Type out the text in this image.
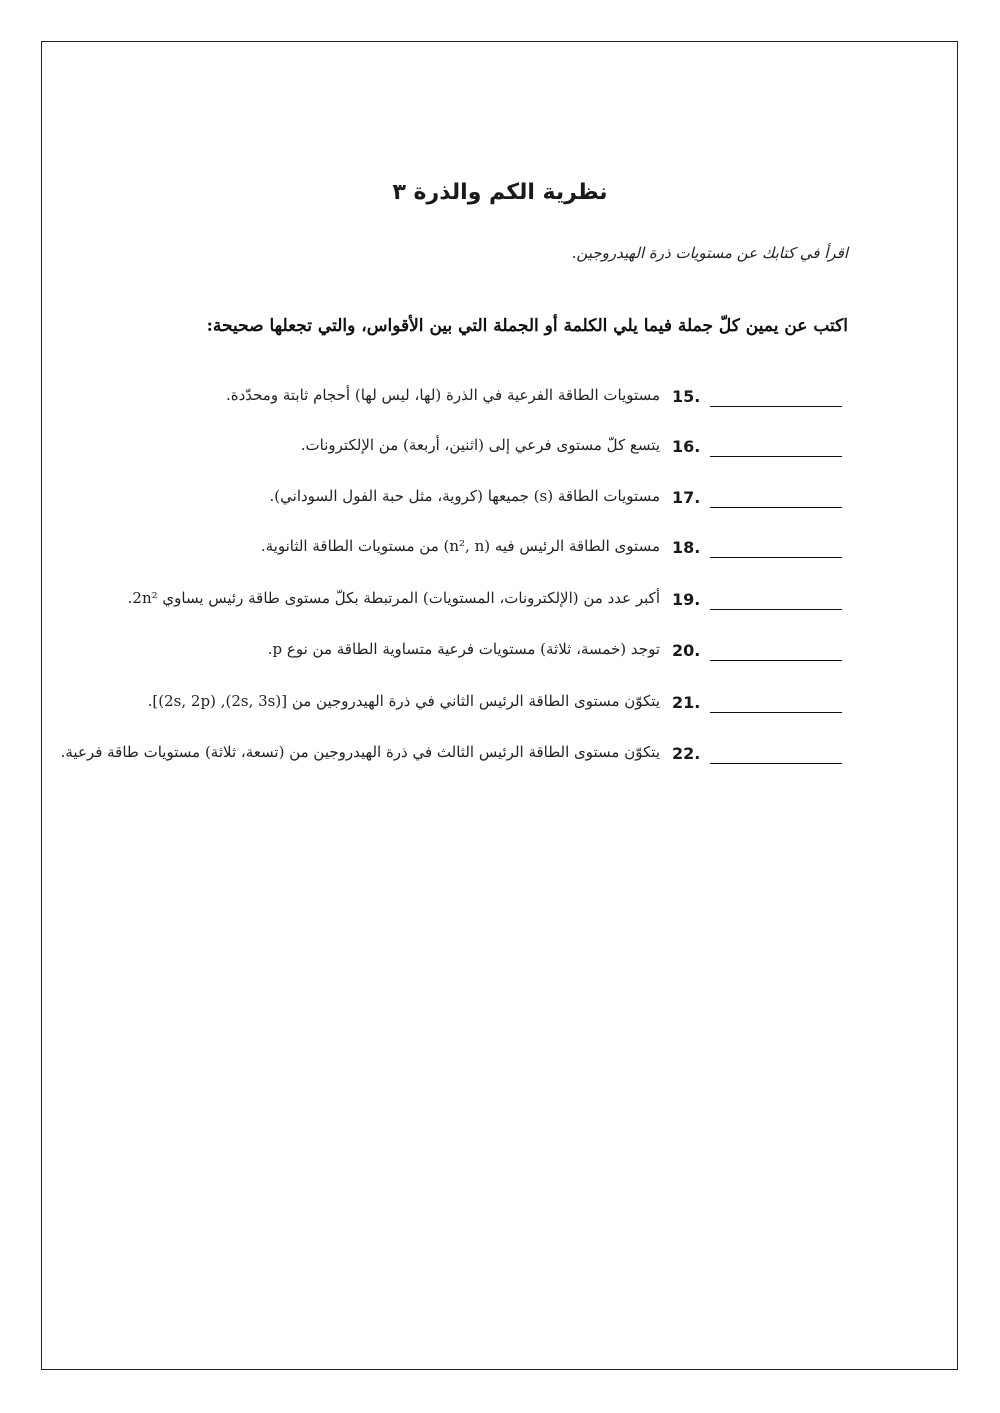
نظرية الكم والذرة ٣
اقرأ في كتابك عن مستويات ذرة الهيدروجين.
اكتب عن يمين كلّ جملة فيما يلي الكلمة أو الجملة التي بين الأقواس، والتي تجعلها صحيحة:
15.
مستويات الطاقة الفرعية في الذرة (لها، ليس لها) أحجام ثابتة ومحدّدة.
16.
يتسع كلّ مستوى فرعي إلى (اثنين، أربعة) من الإلكترونات.
17.
مستويات الطاقة (s) جميعها (كروية، مثل حبة الفول السوداني).
18.
مستوى الطاقة الرئيس فيه (n², n) من مستويات الطاقة الثانوية.
19.
أكبر عدد من (الإلكترونات، المستويات) المرتبطة بكلّ مستوى طاقة رئيس يساوي 2n².
20.
توجد (خمسة، ثلاثة) مستويات فرعية متساوية الطاقة من نوع p.
21.
يتكوّن مستوى الطاقة الرئيس الثاني في ذرة الهيدروجين من [(2s, 3s), (2s, 2p)].
22.
يتكوّن مستوى الطاقة الرئيس الثالث في ذرة الهيدروجين من (تسعة، ثلاثة) مستويات طاقة فرعية.
